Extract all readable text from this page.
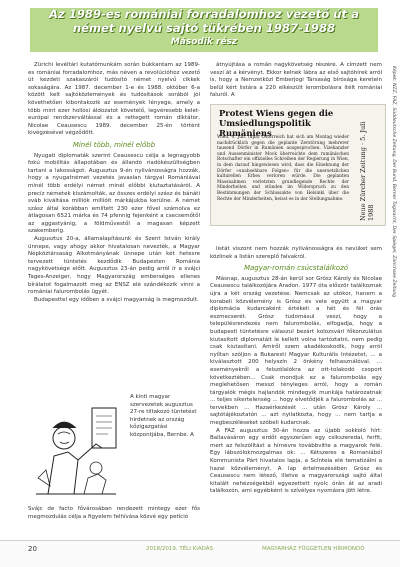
Az 1989-es romániai forradalomhoz vezető út a német nyelvű sajtó tükrében 1987-1988
Második rész

Zürichi levéltári kutatómunkám során bukkantam az 1989-es romániai forradalomhoz, más néven a revolúcióhoz vezető út kezdeti szakaszáról tudósító német nyelvű cikkek sokaságára. Az 1987. december 1-e és 1988. október 6-a között kelt sajtóközlemények és tudósítások sorából jól követhetően kibontakozik az események lényege, amely a több mint ezer hollósi áldozatot követelő, legvéresebb kelet-európai rendszerváltással és a rettegett román diktátor, Nicolae Ceausescu 1989. december 25-én történt kivégzésével végződött.

Minél több, minél előbb

Nyugati diplomaták szerint Ceausescu célja a legnagyobb fokú mobilitás állapotában és állandó riadókészültségben tartani a lakosságot. Augusztus 9-én nyilvánosságra hozzák, hogy a nyugatnémet vezetés javaslan tárgyal Romániával minél több erdélyi német minél előbbi kiutaztatásáról. A precíz németek kiszámolták, az összes erdélyi szász és bánáti sváb kiváltása milliók millióit márkájukba kerülne. A német szász által korábban említett 230 ezer fővel számolva ez átlagosan 6521 márka és 74 pfennig fejenként a csecsemőtől az aggastyánig, a földművestől a magasan képzett szakemberig.

Augusztus 20-a, államalapításunk és Szent István király ünnepe, vagy ahogy akkor hivatalosan nevezték, a Magyar Népköztársaság Alkotmányának ünnepe után két hetesre tervezett tüntetés kezdődik Budapesten Románia nagykövetsége előtt. Augusztus 23-án pedig arról ír a svájci Tages-Anzeiger, hogy Magyarország emberséges ellenes bírálatot fogalmazott meg az ENSZ elé szándékozik vinni a romániai falurombolás ügyét.

Budapesttel egy időben a svájci magyarság is megmozdult.

A kinti magyar szervezetek augusztus 27-re tiltakozó tüntetést hirdetnek az ország kőzigazgatási központjába, Bernbe. A

Svájc de facto fővárosában rendezett mintegy ezer fős megmozdulás célja a figyelem felhívása közvé egy petíció

átnyújtása a román nagykövetség részére. A címzett nem veszi át a kérvényt. Ekkor kelnek lábra az első sajtóhírek arról is, hogy a Nemzetközi Emberjogi Társaság bírósága keretein belül kért listára a 220 elkészült lerombolásra ítélt romániai faluról. A

Protest Wiens gegen die Umsiedlungspolitik Rumäniens
Wien, 4. Juli. (dpa) Österreich hat sich am Montag wieder nachdrücklich gegen die geplante Zerstörung mehrerer tausend Dörfer in Rumänien ausgesprochen. Vizekanzler und Aussenminister Mock überreichte dem rumänischen Botschafter ein offizielles Schreiben der Regierung in Wien, in dem darauf hingewiesen wird, dass die Einebnung der Dörfer »unabsehbare Folgen« für die unersetzlichen kulturellen Erbes verloren würde. Die geplanten Massnahmen verletzten grundlegende Rechte der Minderheiten und stünden im Widerspruch zu den Bestimmungen der Schlussakte von Helsinki über die Rechte der Minderheiten, heisst es in der Stellungnahme.	Neue Zürcher Zeitung · 5. Juli 1988

listát viszont nem hozzák nyilvánosságra és nevüket sem közlinek a listán szereplő falvakról.

Magyar-román csúcstalálkozó

Másnap, augusztus 28-án kerül sor Grósz Károly és Nicolae Ceausescu találkozójára Aradon. 1977 óta először találkoznak újra a két ország vezetése. Nemcsak az utókor, hanem a korabeli közvélemény is Grósz és vele együtt a magyar diplomácia kudarcaként értékeli a hét és fél órás eszmecserét. Grósz tudomásul veszi, hogy a településrendezés nem falurombolás, elfogadja, hogy a budapesti tüntetésre válaszul bezárt kolozsvári főkonzulátus kiutasított diplomatáit le kellett volna tartóztatni, nem pedig csak kiutasítani. Amiről szem akadékoskodik, hogy arról nyíltan szóljon a Bukaresti Magyar Kulturális Intézetet, ... a kiválasztott 200 helyszín 2 önkény felhasználóval. ... eseményekről a felszólalókra az ott-tolakodó csoport következtében... Csak mondjuk ez a falurombolás egy meglehetősen messzi tényleges arról, hogy a román tárgyalók mégis hajlandók mindegyik munkája határozatnak ... teljes sikertelenség ... hogy elvetődjék a falurombolás az ... tervekben ... Hazaérkezését ... után Grósz Károly ... sajtótájékoztatón ... azt nyilatkozta, hogy ... nem tartja a megbeszéléseket szóbeli kudarcnak.

A FAZ augusztus 30-án hozza az újabb sokkoló hírt: Ballavásáron egy erdőt egyszerűen egy csikszeredai, ferfit, mert az felszólítást a hírnévre továbbvitte a magyarok felé. Egy lábszólokmozgalmas ok: ... Kétszeres a Romaniából Kommunista Párt hivatalos lapja, a Scînteia elé tematizálni a hazai közvéleményt. A lap értelmezésében Grósz és Ceausescu nem létező, illetve a magyarországi sajtó által kitalált nehézségekből egyezettett nyolc órán át az aradi találkozón, ami egyébként is szívélyes nyomásra jött létre.

Képek: NZZ, FAZ, Süddeutsche Zeitung, Der Bund, Berner Tagwacht, Der Spiegel, Zürichsee Zeitung
20	2018/2019. TÉLI KIADÁS	MAGYARHÁZ FÜGGETLEN HÍRMONDÓ
